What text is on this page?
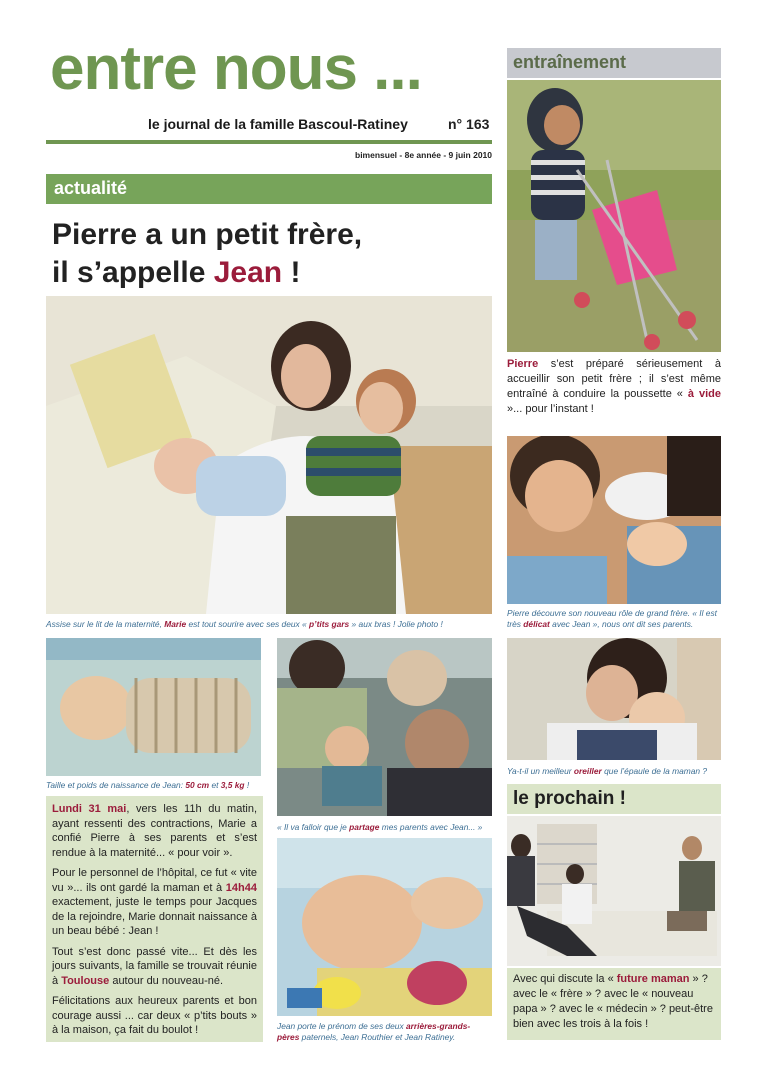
entre nous ...
le journal de la famille Bascoul-Ratiney	n° 163
bimensuel - 8e année - 9 juin 2010
actualité
Pierre a un petit frère,
il s’appelle Jean !
Assise sur le lit de la maternité, Marie est tout sourire avec ses deux « p’tits gars » aux bras ! Jolie photo !
entraînement
Pierre s’est préparé sérieusement à accueillir son petit frère ; il s’est même entraîné à conduire la poussette « à vide »... pour l’instant !
Pierre découvre son nouveau rôle de grand frère. « Il est très délicat avec Jean », nous ont dit ses parents.
Taille et poids de naissance de Jean: 50 cm et 3,5 kg !
« Il va falloir que je partage mes parents avec Jean... »
Ya-t-il un meilleur oreiller que l’épaule de la maman ?

Lundi 31 mai, vers les 11h du matin, ayant ressenti des contractions, Marie a confié Pierre à ses parents et s’est rendue à la maternité... « pour voir ».

Pour le personnel de l’hôpital, ce fut « vite vu »... ils ont gardé la maman et à 14h44 exactement, juste le temps pour Jacques de la rejoindre, Marie donnait naissance à un beau bébé : Jean !

Tout s’est donc passé vite... Et dès les jours suivants, la famille se trouvait réunie à Toulouse autour du nouveau-né.

Félicitations aux heureux parents et bon courage aussi ... car deux « p’tits bouts » à la maison, ça fait du boulot !	Jean porte le prénom de ses deux arrières-grands-pères paternels, Jean Routhier et Jean Ratiney.
le prochain !
Avec qui discute la « future maman » ? avec le « frère » ? avec le « nouveau papa » ? avec le « médecin » ? peut-être bien avec les trois à la fois !
